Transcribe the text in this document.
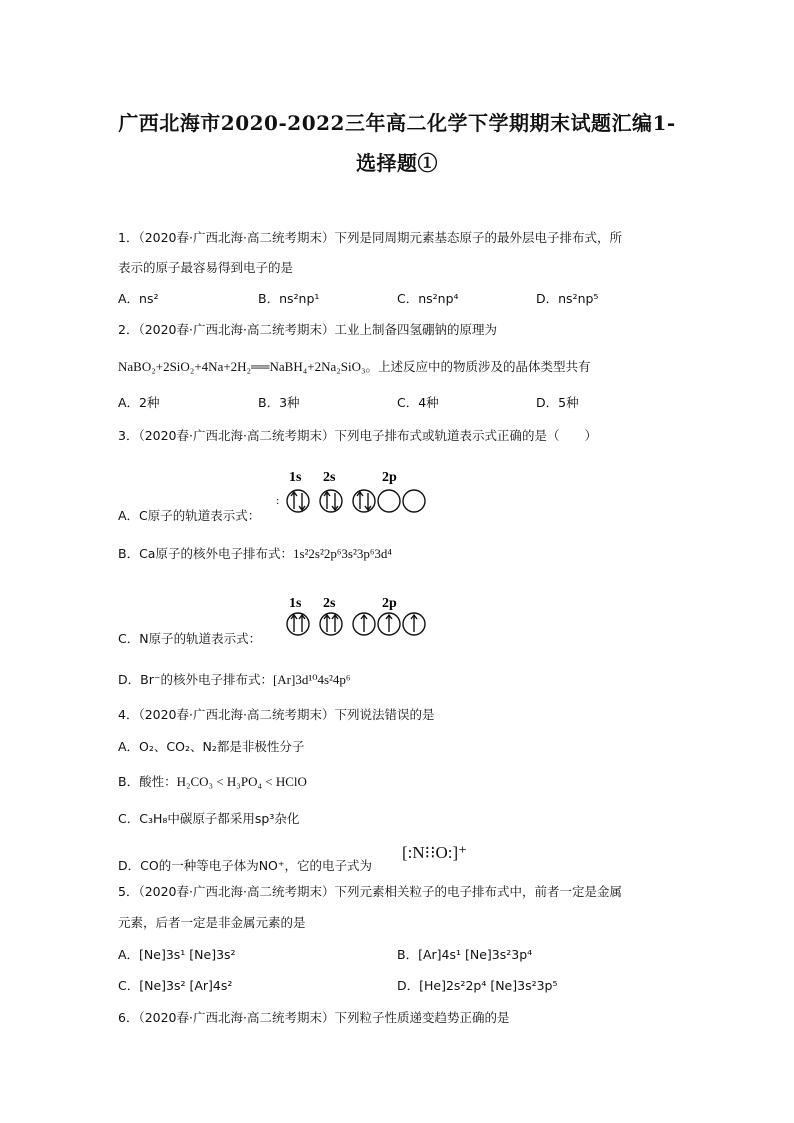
广西北海市2020-2022三年高二化学下学期期末试题汇编1-
选择题①
1．（2020春·广西北海·高二统考期末）下列是同周期元素基态原子的最外层电子排布式，所
表示的原子最容易得到电子的是
A．ns²	B．ns²np¹	C．ns²np⁴	D．ns²np⁵
2．（2020春·广西北海·高二统考期末）工业上制备四氢硼钠的原理为
NaBO₂+2SiO₂+4Na+2H₂══NaBH₄+2Na₂SiO₃。上述反应中的物质涉及的晶体类型共有
A．2种	B．3种	C．4种	D．5种
3．（2020春·广西北海·高二统考期末）下列电子排布式或轨道表示式正确的是（　　）
1s 2s	2p
:
A．C原子的轨道表示式：
B．Ca原子的核外电子排布式：1s²2s²2p⁶3s²3p⁶3d⁴
1s 2s	2p
C．N原子的轨道表示式：
D．Br⁻的核外电子排布式：[Ar]3d¹⁰4s²4p⁶
4．（2020春·广西北海·高二统考期末）下列说法错误的是
A．O₂、CO₂、N₂都是非极性分子
B．酸性：H₂CO₃ < H₃PO₄ < HClO
C．C₃H₈中碳原子都采用sp³杂化
D．CO的一种等电子体为NO⁺，它的电子式为
[:N⁝⁝O:]⁺
5．（2020春·广西北海·高二统考期末）下列元素相关粒子的电子排布式中，前者一定是金属
元素，后者一定是非金属元素的是
A．[Ne]3s¹ [Ne]3s²	B．[Ar]4s¹ [Ne]3s²3p⁴
C．[Ne]3s² [Ar]4s²	D．[He]2s²2p⁴ [Ne]3s²3p⁵
6．（2020春·广西北海·高二统考期末）下列粒子性质递变趋势正确的是
